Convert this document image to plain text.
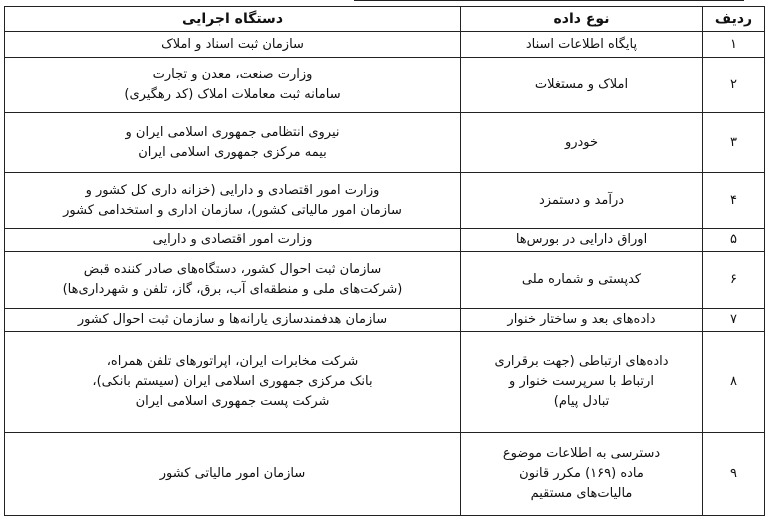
ردیف	نوع داده	دستگاه اجرایی
۱	پایگاه اطلاعات اسناد	سازمان ثبت اسناد و املاک

۲	املاک و مستغلات	وزارت صنعت، معدن و تجارت
سامانه ثبت معاملات املاک (کد رهگیری)

۳	خودرو	نیروی انتظامی جمهوری اسلامی ایران و
بیمه مرکزی جمهوری اسلامی ایران

۴	درآمد و دستمزد	وزارت امور اقتصادی و دارایی (خزانه داری کل کشور و
سازمان امور مالیاتی کشور)، سازمان اداری و استخدامی کشور

۵	اوراق دارایی در بورس‌ها	وزارت امور اقتصادی و دارایی

۶	کدپستی و شماره ملی	سازمان ثبت احوال کشور، دستگاه‌های صادر کننده قبض
(شرکت‌های ملی و منطقه‌ای آب، برق، گاز، تلفن و شهرداری‌ها)

۷	داده‌های بعد و ساختار خنوار	سازمان هدفمندسازی یارانه‌ها و سازمان ثبت احوال کشور

۸	داده‌های ارتباطی (جهت برقراری
ارتباط با سرپرست خنوار و
تبادل پیام)	شرکت مخابرات ایران، اپراتورهای تلفن همراه،
بانک مرکزی جمهوری اسلامی ایران (سیستم بانکی)،
شرکت پست جمهوری اسلامی ایران

۹	دسترسی به اطلاعات موضوع
ماده (۱۶۹) مکرر قانون
مالیات‌های مستقیم	سازمان امور مالیاتی کشور
